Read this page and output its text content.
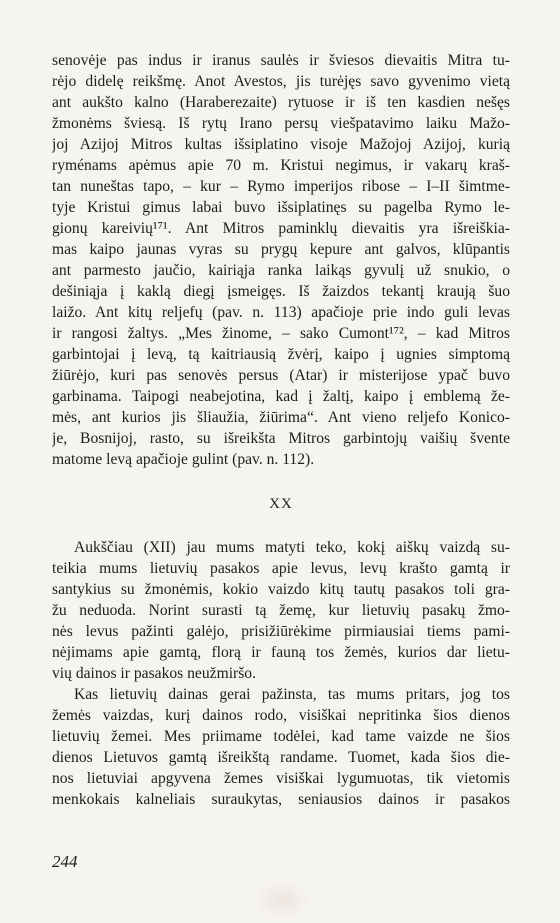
senovėje pas indus ir iranus saulės ir šviesos dievaitis Mitra tu-
rėjo didelę reikšmę. Anot Avestos, jis turėjęs savo gyvenimo vietą
ant aukšto kalno (Haraberezaite) rytuose ir iš ten kasdien nešęs
žmonėms šviesą. Iš rytų Irano persų viešpatavimo laiku Mažo-
joj Azijoj Mitros kultas išsiplatino visoje Mažojoj Azijoj, kurią
ryménams apėmus apie 70 m. Kristui negimus, ir vakarų kraš-
tan nuneštas tapo, – kur – Rymo imperijos ribose – I–II šimtme-
tyje Kristui gimus labai buvo išsiplatinęs su pagelba Rymo le-
gionų kareivių¹⁷¹. Ant Mitros paminklų dievaitis yra išreiškia-
mas kaipo jaunas vyras su prygų kepure ant galvos, klūpantis
ant parmesto jaučio, kairiąja ranka laikąs gyvulį už snukio, o
dešiniąja į kaklą diegį įsmeigęs. Iš žaizdos tekantį kraują šuo
laižo. Ant kitų reljefų (pav. n. 113) apačioje prie indo guli levas
ir rangosi žaltys. „Mes žinome, – sako Cumont¹⁷², – kad Mitros
garbintojai į levą, tą kaitriausią žvėrį, kaipo į ugnies simptomą
žiūrėjo, kuri pas senovės persus (Atar) ir misterijose ypač buvo
garbinama. Taipogi neabejotina, kad į žaltį, kaipo į emblemą že-
mės, ant kurios jis šliaužia, žiūrima“. Ant vieno reljefo Konico-
je, Bosnijoj, rasto, su išreikšta Mitros garbintojų vaišių švente
matome levą apačioje gulint (pav. n. 112).
XX
Aukščiau (XII) jau mums matyti teko, kokį aiškų vaizdą su-
teikia mums lietuvių pasakos apie levus, levų krašto gamtą ir
santykius su žmonėmis, kokio vaizdo kitų tautų pasakos toli gra-
žu neduoda. Norint surasti tą žemę, kur lietuvių pasakų žmo-
nės levus pažinti galėjo, prisižiūrėkime pirmiausiai tiems pami-
nėjimams apie gamtą, florą ir fauną tos žemės, kurios dar lietu-
vių dainos ir pasakos neužmiršo.
Kas lietuvių dainas gerai pažinsta, tas mums pritars, jog tos
žemės vaizdas, kurį dainos rodo, visiškai nepritinka šios dienos
lietuvių žemei. Mes priimame todėlei, kad tame vaizde ne šios
dienos Lietuvos gamtą išreikštą randame. Tuomet, kada šios die-
nos lietuviai apgyvena žemes visiškai lygumuotas, tik vietomis
menkokais kalneliais suraukytas, seniausios dainos ir pasakos
244
